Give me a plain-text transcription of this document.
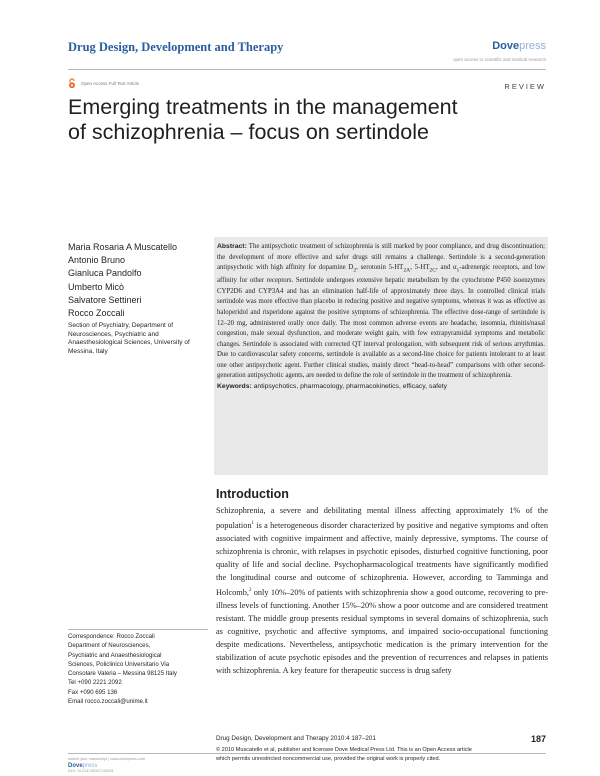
Drug Design, Development and Therapy	Dovepress
open access to scientific and medical research
Open Access Full Text Article	REVIEW
Emerging treatments in the management
of schizophrenia – focus on sertindole
Maria Rosaria A Muscatello
Antonio Bruno
Gianluca Pandolfo
Umberto Micò
Salvatore Settineri
Rocco Zoccali
Section of Psychiatry, Department of Neurosciences, Psychiatric and Anaesthesiological Sciences, University of Messina, Italy

Abstract: The antipsychotic treatment of schizophrenia is still marked by poor compliance, and drug discontinuation; the development of more effective and safer drugs still remains a challenge. Sertindole is a second-generation antipsychotic with high affinity for dopamine $D_2$, serotonin $5-HT_{2A}$, $5-HT_{2C}$, and $\alpha_1$-adrenergic receptors, and low affinity for other receptors. Sertindole undergoes extensive hepatic metabolism by the cytochrome P450 isoenzymes CYP2D6 and CYP3A4 and has an elimination half-life of approximately three days. In controlled clinical trials sertindole was more effective than placebo in reducing positive and negative symptoms, whereas it was as effective as haloperidol and risperidone against the positive symptoms of schizophrenia. The effective dose-range of sertindole is 12–20 mg, administered orally once daily. The most common adverse events are headache, insomnia, rhinitis/nasal congestion, male sexual dysfunction, and moderate weight gain, with few extrapyramidal symptoms and metabolic changes. Sertindole is associated with corrected QT interval prolongation, with subsequent risk of serious arrythmias. Due to cardiovascular safety concerns, sertindole is available as a second-line choice for patients intolerant to at least one other antipsychotic agent. Further clinical studies, mainly direct “head-to-head” comparisons with other second-generation antipsychotic agents, are needed to define the role of sertindole in the treatment of schizophrenia.

Keywords: antipsychotics, pharmacology, pharmacokinetics, efficacy, safety

Introduction

Schizophrenia, a severe and debilitating mental illness affecting approximately 1% of the population$^1$ is a heterogeneous disorder characterized by positive and negative symptoms and often associated with cognitive impairment and affective, mainly depressive, symptoms. The course of schizophrenia is chronic, with relapses in psychotic episodes, disturbed cognitive functioning, poor quality of life and social decline. Psychopharmacological treatments have significantly modified the longitudinal course and outcome of schizophrenia. However, according to Tamminga and Holcomb,$^2$ only 10%–20% of patients with schizophrenia show a good outcome, recovering to pre-illness levels of functioning. Another 15%–20% show a poor outcome and are considered treatment resistant. The middle group presents residual symptoms in several domains of schizophrenia, such as cognitive, psychotic and affective symptoms, and impaired socio-occupational functioning despite medications. Nevertheless, antipsychotic medication is the primary intervention for the stabilization of acute psychotic episodes and the prevention of recurrences and relapses in patients with schizophrenia. A key feature for therapeutic success is drug safety

Correspondence: Rocco Zoccali
Department of Neurosciences,
Psychiatric and Anaesthesiological
Sciences, Policlinico Universitario Via
Consolare Valeria – Messina 98125 Italy
Tel +090 2221 2092
Fax +090 695 136
Email rocco.zoccali@unime.it
Drug Design, Development and Therapy 2010:4 187–201	187
submit your manuscript | www.dovepress.com
Dovepress
DOI: 10.2147/DDDT.S6201
© 2010 Muscatello et al, publisher and licensee Dove Medical Press Ltd. This is an Open Access article
which permits unrestricted noncommercial use, provided the original work is properly cited.
